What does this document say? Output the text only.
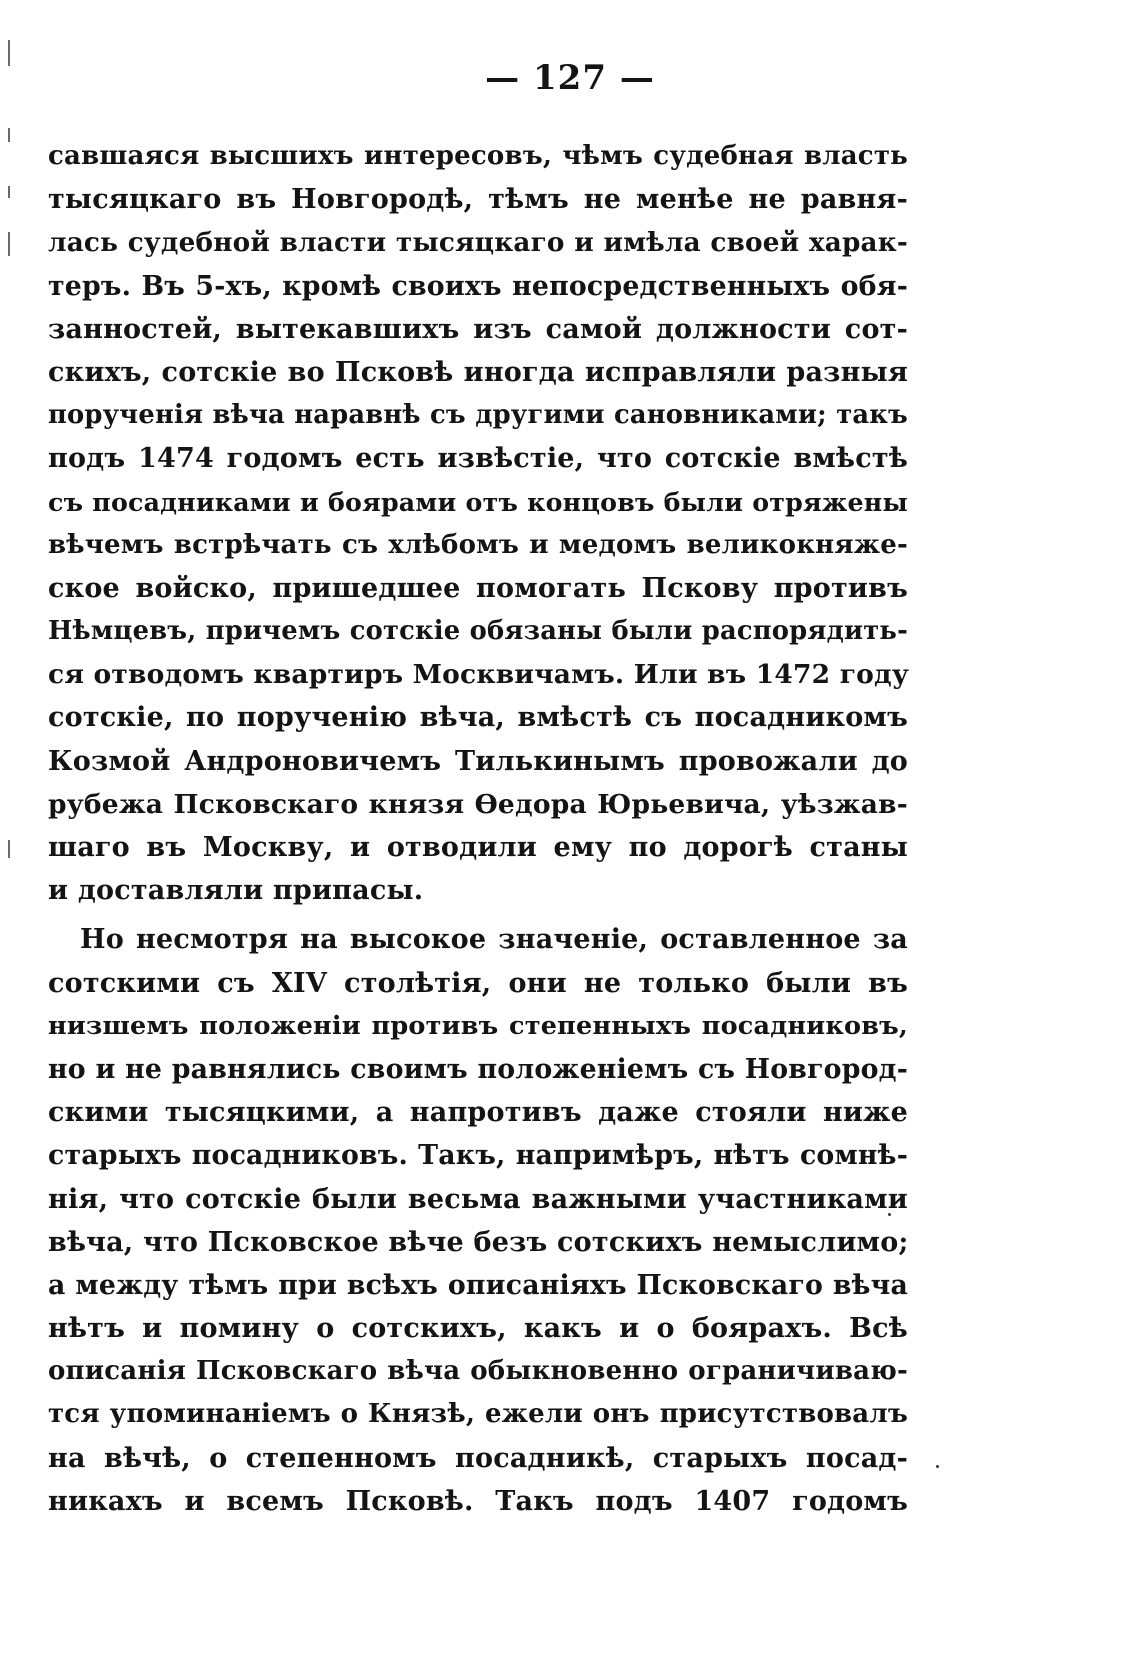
— 127 —
савшаяся высшихъ интересовъ, чѣмъ судебная власть
тысяцкаго въ Новгородѣ, тѣмъ не менѣе не равня-
лась судебной власти тысяцкаго и имѣла своей харак-
теръ. Въ 5-хъ, кромѣ своихъ непосредственныхъ обя-
занностей, вытекавшихъ изъ самой должности сот-
скихъ, сотскіе во Псковѣ иногда исправляли разныя
порученія вѣча наравнѣ съ другими сановниками; такъ
подъ 1474 годомъ есть извѣстіе, что сотскіе вмѣстѣ
съ посадниками и боярами отъ концовъ были отряжены
вѣчемъ встрѣчать съ хлѣбомъ и медомъ великокняже-
ское войско, пришедшее помогать Пскову противъ
Нѣмцевъ, причемъ сотскіе обязаны были распорядить-
ся отводомъ квартиръ Москвичамъ. Или въ 1472 году
сотскіе, по порученію вѣча, вмѣстѣ съ посадникомъ
Козмой Андроновичемъ Тилькинымъ провожали до
рубежа Псковскаго князя Ѳедора Юрьевича, уѣзжав-
шаго въ Москву, и отводили ему по дорогѣ станы
и доставляли припасы.
Но несмотря на высокое значеніе, оставленное за
сотскими съ XIV столѣтія, они не только были въ
низшемъ положеніи противъ степенныхъ посадниковъ,
но и не равнялись своимъ положеніемъ съ Новгород-
скими тысяцкими, а напротивъ даже стояли ниже
старыхъ посадниковъ. Такъ, напримѣръ, нѣтъ сомнѣ-
нія, что сотскіе были весьма важными участниками
вѣча, что Псковское вѣче безъ сотскихъ немыслимо;
а между тѣмъ при всѣхъ описаніяхъ Псковскаго вѣча
нѣтъ и помину о сотскихъ, какъ и о боярахъ. Всѣ
описанія Псковскаго вѣча обыкновенно ограничиваю-
тся упоминаніемъ о Князѣ, ежели онъ присутствовалъ
на вѣчѣ, о степенномъ посадникѣ, старыхъ посад-
никахъ и всемъ Псковѣ. Такъ подъ 1407 годомъ
